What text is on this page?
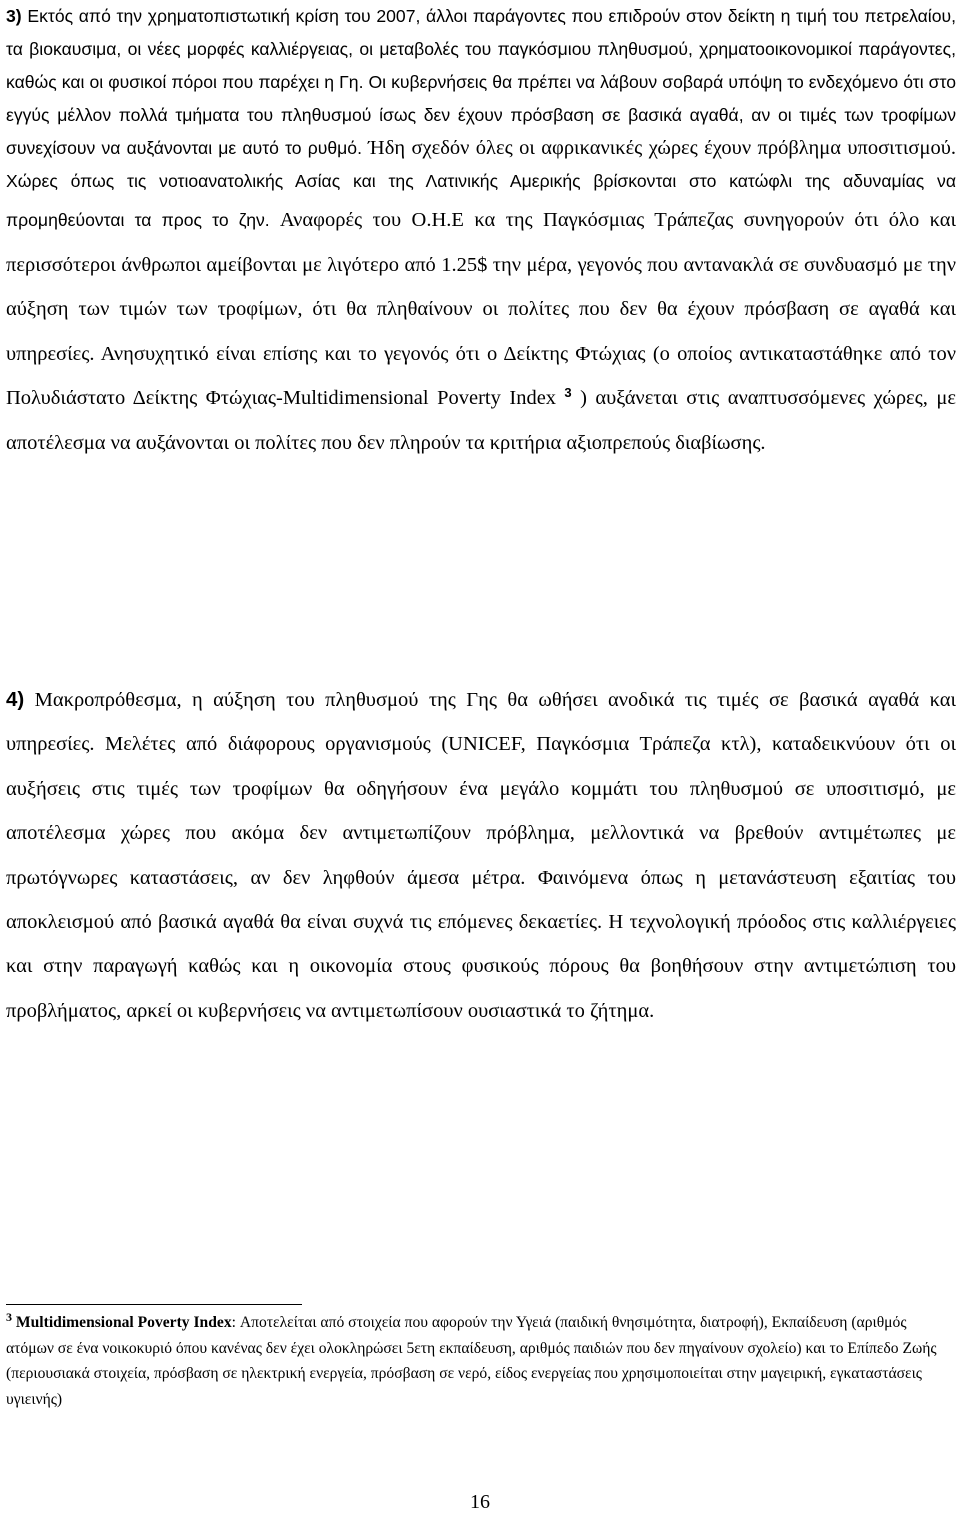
3) Εκτός από την χρηματοπιστωτική κρίση του 2007, άλλοι παράγοντες που επιδρούν στον δείκτη η τιμή του πετρελαίου, τα βιοκαυσιμα, οι νέες μορφές καλλιέργειας, οι μεταβολές του παγκόσμιου πληθυσμού, χρηματοοικονομικοί παράγοντες, καθώς και οι φυσικοί πόροι που παρέχει η Γη. Οι κυβερνήσεις θα πρέπει να λάβουν σοβαρά υπόψη το ενδεχόμενο ότι στο εγγύς μέλλον πολλά τμήματα του πληθυσμού ίσως δεν έχουν πρόσβαση σε βασικά αγαθά, αν οι τιμές των τροφίμων συνεχίσουν να αυξάνονται με αυτό το ρυθμό. Ήδη σχεδόν όλες οι αφρικανικές χώρες έχουν πρόβλημα υποσιτισμού. Χώρες όπως τις νοτιοανατολικής Ασίας και της Λατινικής Αμερικής βρίσκονται στο κατώφλι της αδυναμίας να προμηθεύονται τα προς το ζην. Αναφορές του Ο.Η.Ε κα της Παγκόσμιας Τράπεζας συνηγορούν ότι όλο και περισσότεροι άνθρωποι αμείβονται με λιγότερο από 1.25$ την μέρα, γεγονός που αντανακλά σε συνδυασμό με την αύξηση των τιμών των τροφίμων, ότι θα πληθαίνουν οι πολίτες που δεν θα έχουν πρόσβαση σε αγαθά και υπηρεσίες. Ανησυχητικό είναι επίσης και το γεγονός ότι ο Δείκτης Φτώχιας (ο οποίος αντικαταστάθηκε από τον Πολυδιάστατο Δείκτης Φτώχιας-Multidimensional Poverty Index $^3$ ) αυξάνεται στις αναπτυσσόμενες χώρες, με αποτέλεσμα να αυξάνονται οι πολίτες που δεν πληρούν τα κριτήρια αξιοπρεπούς διαβίωσης.

4) Μακροπρόθεσμα, η αύξηση του πληθυσμού της Γης θα ωθήσει ανοδικά τις τιμές σε βασικά αγαθά και υπηρεσίες. Μελέτες από διάφορους οργανισμούς (UNICEF, Παγκόσμια Τράπεζα κτλ), καταδεικνύουν ότι οι αυξήσεις στις τιμές των τροφίμων θα οδηγήσουν ένα μεγάλο κομμάτι του πληθυσμού σε υποσιτισμό, με αποτέλεσμα χώρες που ακόμα δεν αντιμετωπίζουν πρόβλημα, μελλοντικά να βρεθούν αντιμέτωπες με πρωτόγνωρες καταστάσεις, αν δεν ληφθούν άμεσα μέτρα. Φαινόμενα όπως η μετανάστευση εξαιτίας του αποκλεισμού από βασικά αγαθά θα είναι συχνά τις επόμενες δεκαετίες. Η τεχνολογική πρόοδος στις καλλιέργειες και στην παραγωγή καθώς και η οικονομία στους φυσικούς πόρους θα βοηθήσουν στην αντιμετώπιση του προβλήματος, αρκεί οι κυβερνήσεις να αντιμετωπίσουν ουσιαστικά το ζήτημα.

$^3$ Multidimensional Poverty Index: Αποτελείται από στοιχεία που αφορούν την Υγειά (παιδική θνησιμότητα, διατροφή), Εκπαίδευση (αριθμός ατόμων σε ένα νοικοκυριό όπου κανένας δεν έχει ολοκληρώσει 5ετη εκπαίδευση, αριθμός παιδιών που δεν πηγαίνουν σχολείο) και το Επίπεδο Ζωής (περιουσιακά στοιχεία, πρόσβαση σε ηλεκτρική ενεργεία, πρόσβαση σε νερό, είδος ενεργείας που χρησιμοποιείται στην μαγειρική, εγκαταστάσεις υγιεινής)

16
